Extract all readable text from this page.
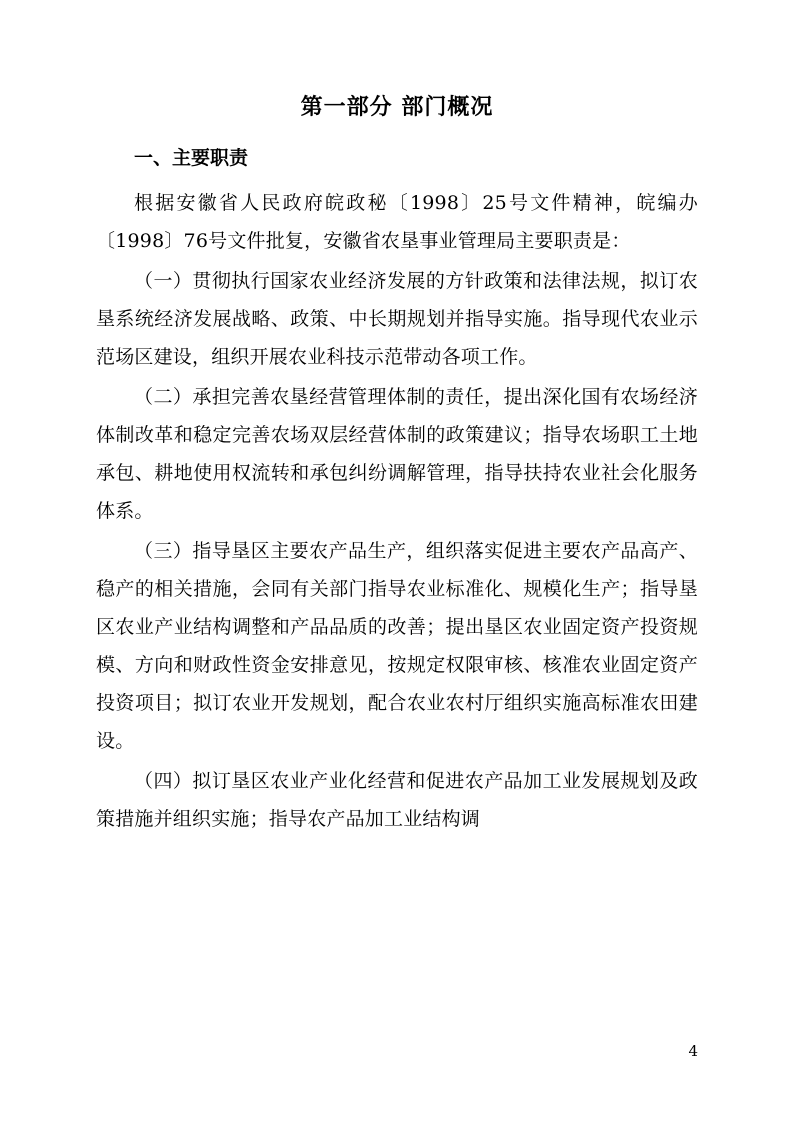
第一部分 部门概况
一、主要职责

根据安徽省人民政府皖政秘〔1998〕25号文件精神，皖编办〔1998〕76号文件批复，安徽省农垦事业管理局主要职责是：

（一）贯彻执行国家农业经济发展的方针政策和法律法规，拟订农垦系统经济发展战略、政策、中长期规划并指导实施。指导现代农业示范场区建设，组织开展农业科技示范带动各项工作。

（二）承担完善农垦经营管理体制的责任，提出深化国有农场经济体制改革和稳定完善农场双层经营体制的政策建议；指导农场职工土地承包、耕地使用权流转和承包纠纷调解管理，指导扶持农业社会化服务体系。

（三）指导垦区主要农产品生产，组织落实促进主要农产品高产、稳产的相关措施，会同有关部门指导农业标准化、规模化生产；指导垦区农业产业结构调整和产品品质的改善；提出垦区农业固定资产投资规模、方向和财政性资金安排意见，按规定权限审核、核准农业固定资产投资项目；拟订农业开发规划，配合农业农村厅组织实施高标准农田建设。

（四）拟订垦区农业产业化经营和促进农产品加工业发展规划及政策措施并组织实施；指导农产品加工业结构调

4
